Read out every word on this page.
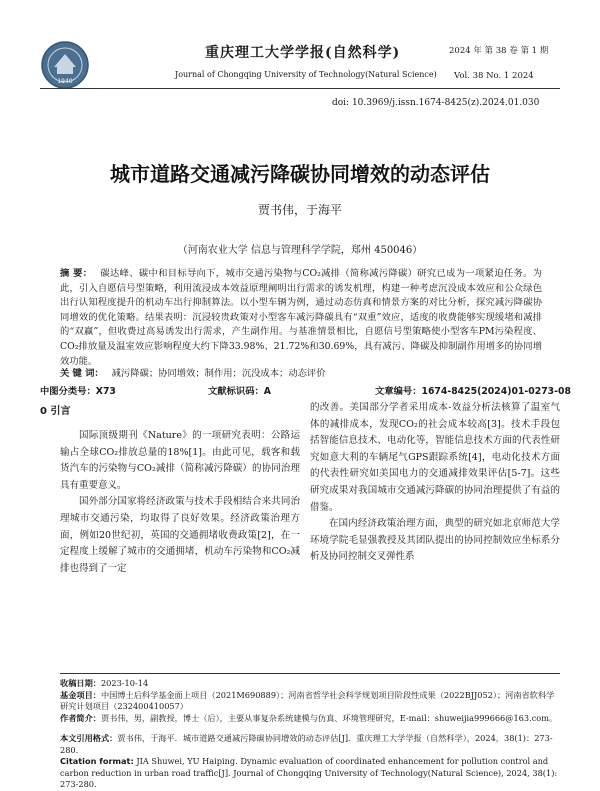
1940
重庆理工大学学报(自然科学)
Journal of Chongqing University of Technology(Natural Science)
2024 年 第 38 卷 第 1 期
Vol. 38 No. 1 2024
doi: 10.3969/j.issn.1674-8425(z).2024.01.030
城市道路交通减污降碳协同增效的动态评估
贾书伟，于海平
（河南农业大学 信息与管理科学学院，郑州 450046）
摘 要： 碳达峰、碳中和目标导向下，城市交通污染物与CO₂减排（简称减污降碳）研究已成为一项紧迫任务。为此，引入自愿信号型策略，利用流浸成本效益原理阐明出行需求的诱发机理，构建一种考虑沉没成本效应和公众绿色出行认知程度提升的机动车出行抑制算法。以小型车辆为例，通过动态仿真和情景方案的对比分析，探究减污降碳协同增效的优化策略。结果表明：沉浸较贵政策对小型客车减污降碳具有“双重”效应，适度的收费能够实现缓堵和减排的“双赢”，但收费过高易诱发出行需求，产生副作用。与基准情景相比，自愿信号型策略使小型客车PM污染程度、CO₂排放量及温室效应影响程度大约下降33.98%、21.72%和30.69%，具有减污、降碳及抑制副作用增多的协同增效功能。
关 键 词： 减污降碳；协同增效；制作用；沉没成本；动态评价
中图分类号：X73	文献标识码：A	文章编号：1674-8425(2024)01-0273-08
0 引言

国际顶级期刊《Nature》的一项研究表明：公路运输占全球CO₂排放总量的18%[1]。由此可见，载客和载货汽车的污染物与CO₂减排（简称减污降碳）的协同治理具有重要意义。

国外部分国家将经济政策与技术手段相结合来共同治理城市交通污染，均取得了良好效果。经济政策治理方面，例如20世纪初，英国的交通拥堵收费政策[2]，在一定程度上缓解了城市的交通拥堵，机动车污染物和CO₂减排也得到了一定

的改善。美国部分学者采用成本-效益分析法核算了温室气体的减排成本，发现CO₂的社会成本较高[3]。技术手段包括智能信息技术、电动化等，智能信息技术方面的代表性研究如意大利的车辆尾气GPS跟踪系统[4]，电动化技术方面的代表性研究如美国电力的交通减排效果评估[5-7]。这些研究成果对我国城市交通减污降碳的协同治理提供了有益的借鉴。

在国内经济政策治理方面，典型的研究如北京师范大学环境学院毛显强教授及其团队提出的协同控制效应坐标系分析及协同控制交叉弹性系

收稿日期：2023-10-14
基金项目：中国博士后科学基金面上项目（2021M690889）；河南省哲学社会科学规划项目阶段性成果（2022BJJ052）；河南省软科学研究计划项目（232400410057）
作者简介：贾书伟，男，副教授，博士（后），主要从事复杂系统建模与仿真、环境管理研究，E-mail：shuweijia999666@163.com。
本文引用格式：贾书伟，于海平．城市道路交通减污降碳协同增效的动态评估[J]．重庆理工大学学报（自然科学），2024，38(1)：273-280.
Citation format: JIA Shuwei, YU Haiping. Dynamic evaluation of coordinated enhancement for pollution control and carbon reduction in urban road traffic[J]. Journal of Chongqing University of Technology(Natural Science), 2024, 38(1): 273-280.
